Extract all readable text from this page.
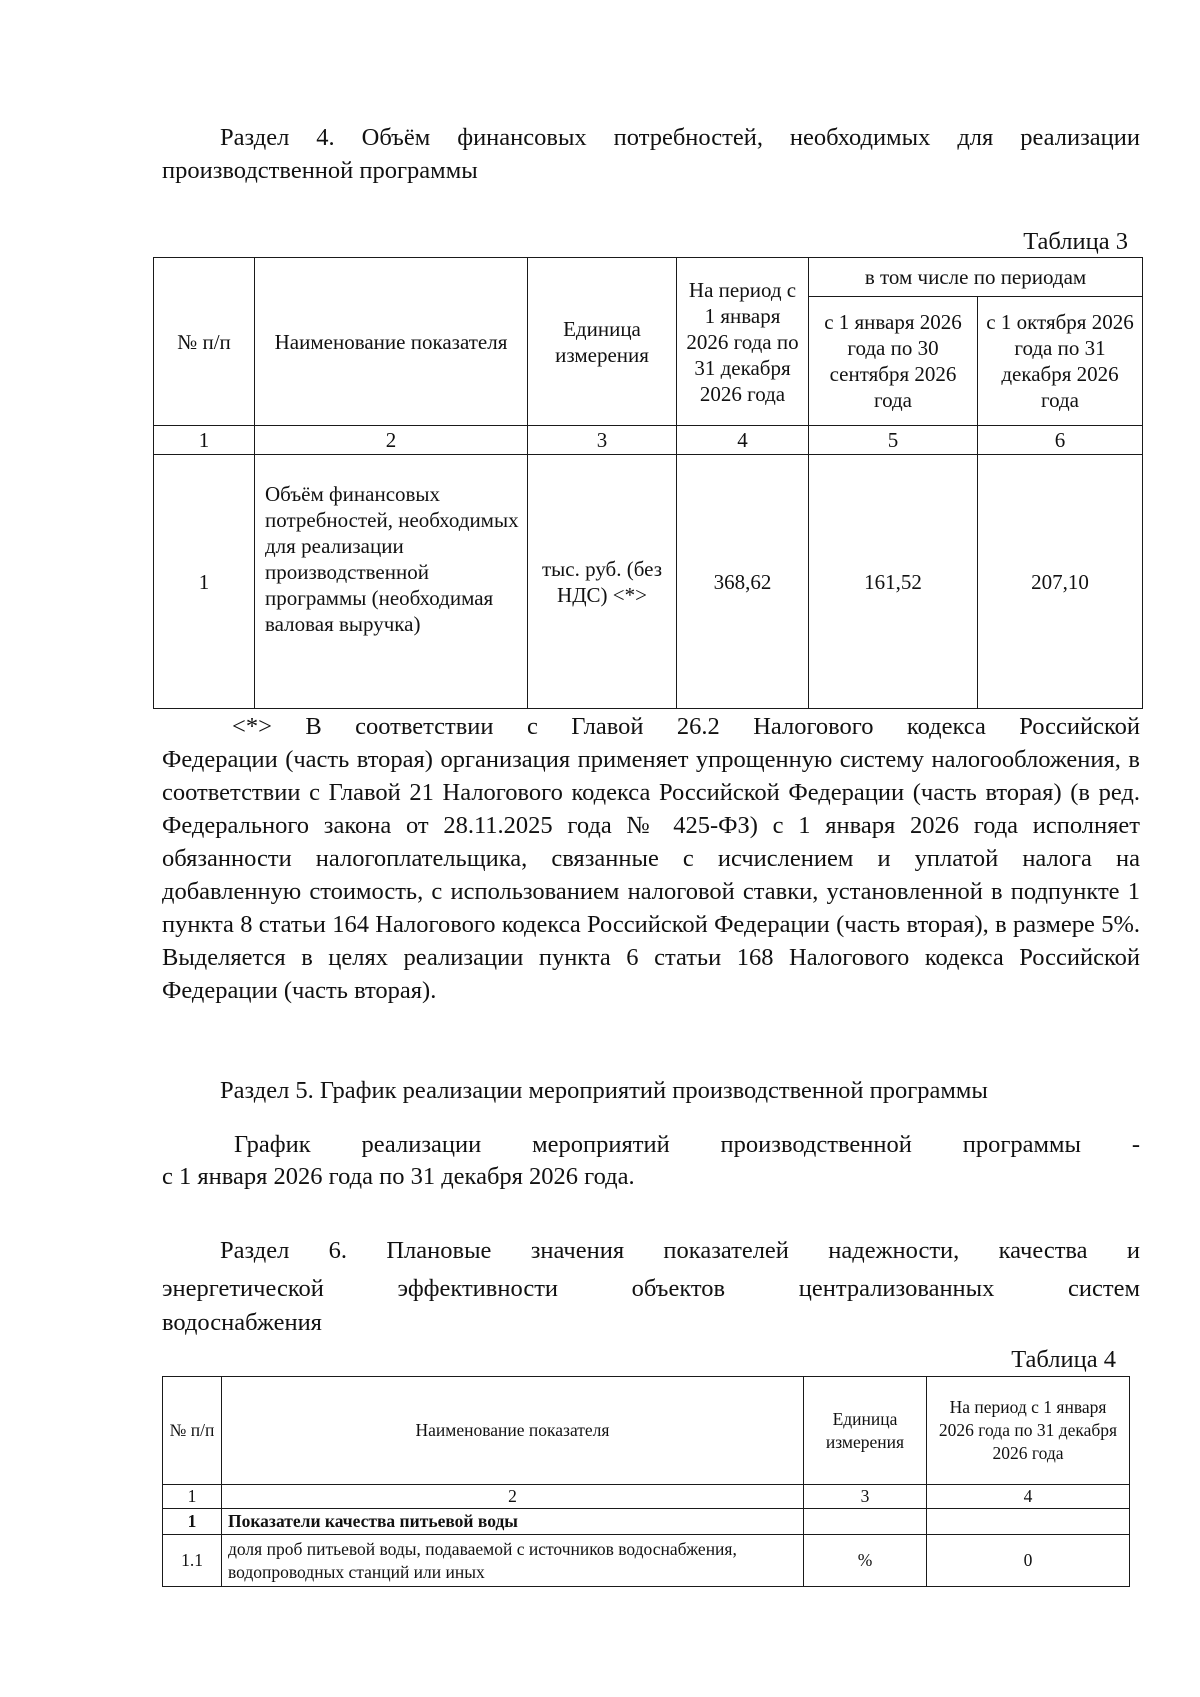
Раздел 4. Объём финансовых потребностей, необходимых для реализации
производственной программы
Таблица 3
№ п/п	Наименование показателя	Единица измерения	На период с 1 января 2026 года по 31 декабря 2026 года	в том числе по периодам	
				с 1 января 2026 года по 30 сентября 2026 года	с 1 октября 2026 года по 31 декабря 2026 года
1	2	3	4	5	6
1	Объём финансовых потребностей, необходимых для реализации производственной программы (необходимая валовая выручка)	тыс. руб. (без НДС) <*>	368,62	161,52	207,10
<*> В соответствии с Главой 26.2 Налогового кодекса Российской
Федерации (часть вторая) организация применяет упрощенную систему налогообложения, в соответствии с Главой 21 Налогового кодекса Российской Федерации (часть вторая) (в ред. Федерального закона от 28.11.2025 года № 425-ФЗ) с 1 января 2026 года исполняет обязанности налогоплательщика, связанные с исчислением и уплатой налога на добавленную стоимость, с использованием налоговой ставки, установленной в подпункте 1 пункта 8 статьи 164 Налогового кодекса Российской Федерации (часть вторая), в размере 5%. Выделяется в целях реализации пункта 6 статьи 168 Налогового кодекса Российской Федерации (часть вторая).
Раздел 5. График реализации мероприятий производственной программы
График реализации мероприятий производственной программы -
с 1 января 2026 года по 31 декабря 2026 года.
Раздел 6. Плановые значения показателей надежности, качества и
энергетической эффективности объектов централизованных систем
водоснабжения
Таблица 4
№ п/п	Наименование показателя	Единица измерения	На период с 1 января 2026 года по 31 декабря 2026 года
1	2	3	4
1	Показатели качества питьевой воды		
1.1	доля проб питьевой воды, подаваемой с источников водоснабжения, водопроводных станций или иных	%	0
